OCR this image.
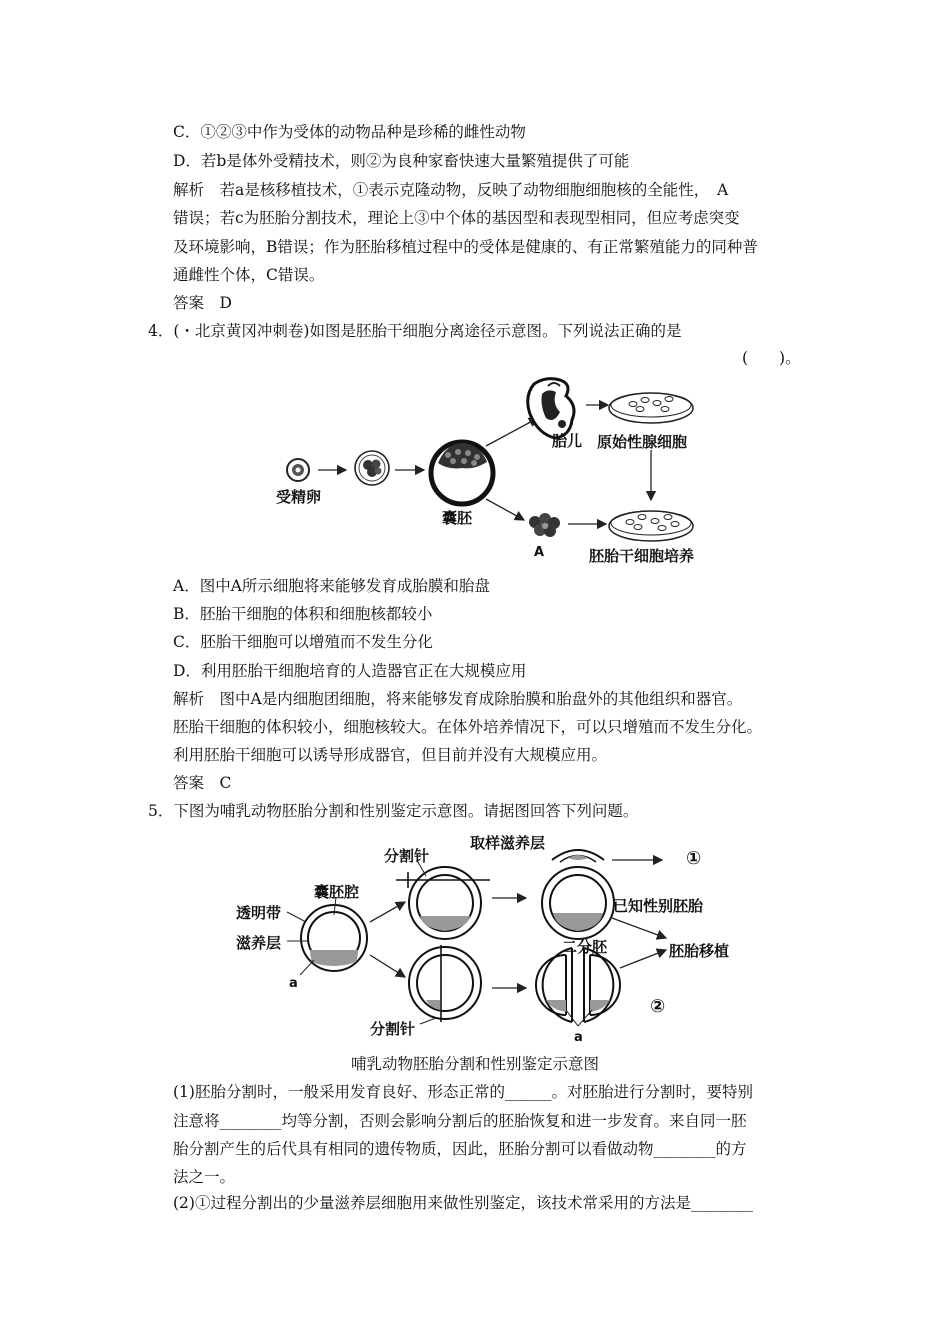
C．①②③中作为受体的动物品种是珍稀的雌性动物
D．若b是体外受精技术，则②为良种家畜快速大量繁殖提供了可能
解析　若a是核移植技术，①表示克隆动物，反映了动物细胞细胞核的全能性，　A
错误；若c为胚胎分割技术，理论上③中个体的基因型和表现型相同，但应考虑突变
及环境影响，B错误；作为胚胎移植过程中的受体是健康的、有正常繁殖能力的同种普
通雌性个体，C错误。
答案　D
4．(・北京黄冈冲刺卷)如图是胚胎干细胞分离途径示意图。下列说法正确的是
(　　)。
受精卵
囊胚
胎儿 原始性腺细胞
A	胚胎干细胞培养
A．图中A所示细胞将来能够发育成胎膜和胎盘
B．胚胎干细胞的体积和细胞核都较小
C．胚胎干细胞可以增殖而不发生分化
D．利用胚胎干细胞培育的人造器官正在大规模应用
解析　图中A是内细胞团细胞，将来能够发育成除胎膜和胎盘外的其他组织和器官。
胚胎干细胞的体积较小，细胞核较大。在体外培养情况下，可以只增殖而不发生分化。
利用胚胎干细胞可以诱导形成器官，但目前并没有大规模应用。
答案　C
5．下图为哺乳动物胚胎分割和性别鉴定示意图。请据图回答下列问题。
透明带
囊胚腔
滋养层
a
分割针
分割针
取样滋养层
①
已知性别胚胎
二分胚	胚胎移植
②
a
哺乳动物胚胎分割和性别鉴定示意图
(1)胚胎分割时，一般采用发育良好、形态正常的______。对胚胎进行分割时，要特别
注意将________均等分割，否则会影响分割后的胚胎恢复和进一步发育。来自同一胚
胎分割产生的后代具有相同的遗传物质，因此，胚胎分割可以看做动物________的方
法之一。
(2)①过程分割出的少量滋养层细胞用来做性别鉴定，该技术常采用的方法是________
